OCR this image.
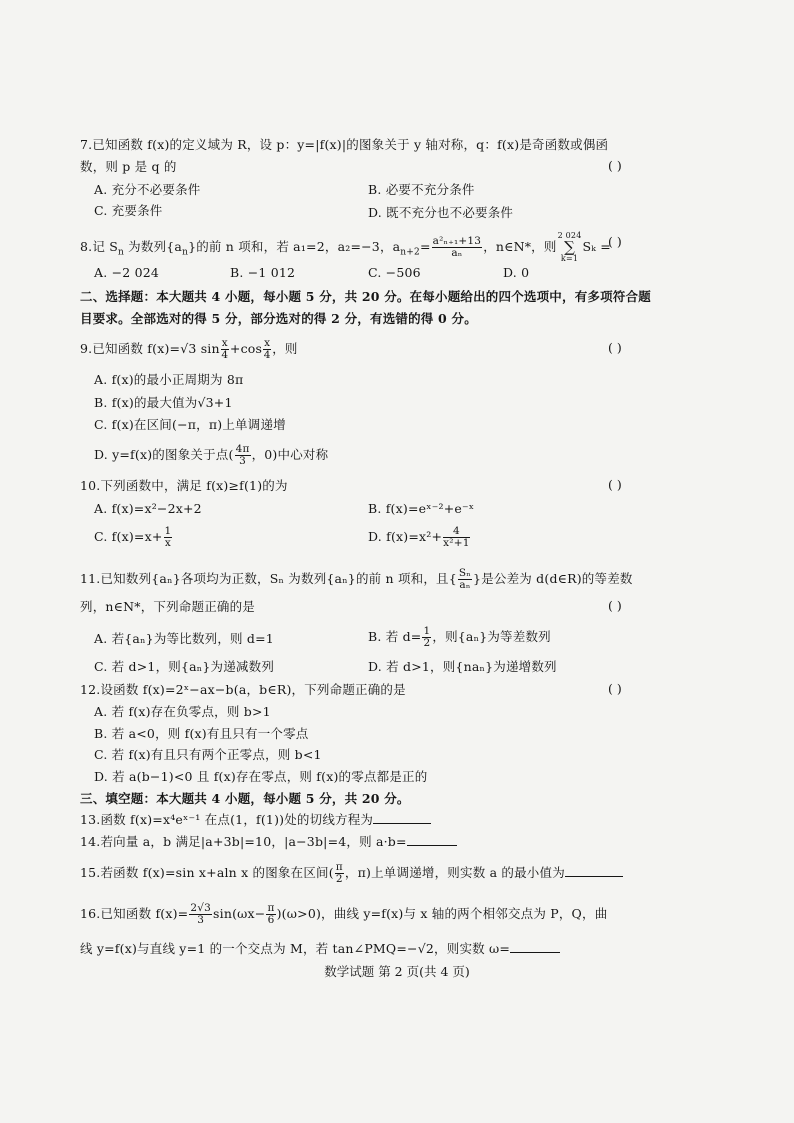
7.已知函数 f(x)的定义域为 R，设 p：y=|f(x)|的图象关于 y 轴对称，q：f(x)是奇函数或偶函
数，则 p 是 q 的	( )
A. 充分不必要条件	B. 必要不充分条件
C. 充要条件	D. 既不充分也不必要条件
8.记 $S_n$ 为数列$\{a_n\}$的前 n 项和，若 a₁=2，a₂=−3，$a_{n+2}= \frac{\text{a²ₙ₊₁+13}}{\text{aₙ}}$ ，n∈N*，则
2 024
∑
k=1
Sₖ =
( )
A. −2 024	B. −1 012	C. −506	D. 0
二、选择题：本大题共 4 小题，每小题 5 分，共 20 分。在每小题给出的四个选项中，有多项符合题
目要求。全部选对的得 5 分，部分选对的得 2 分，有选错的得 0 分。
9.已知函数 f(x)=√3 $\sin \frac{x}{4} +\cos \frac{x}{4}$ ，则	( )
A. f(x)的最小正周期为 8π
B. f(x)的最大值为√3+1
C. f(x)在区间(−π，π)上单调递增
D. y=f(x)的图象关于点( $\frac{4\pi}{3}$ ，0)中心对称
10.下列函数中，满足 f(x)≥f(1)的为	( )
A. f(x)=x²−2x+2	B. f(x)=eˣ⁻²+e⁻ˣ
C. $f(x)=x+ \frac{1}{x}$	D. $f(x)=x^2+ \frac{4}{\text{x²+1}}$
11.已知数列{aₙ}各项均为正数，Sₙ 为数列{aₙ}的前 n 项和，且{ $\frac{\text{Sₙ}}{\text{aₙ}}$ }是公差为 d(d∈R)的等差数
列，n∈N*，下列命题正确的是	( )
A. 若{aₙ}为等比数列，则 d=1	B. 若 $d= \frac{1}{2}$ ，则{aₙ}为等差数列
C. 若 d>1，则{aₙ}为递减数列	D. 若 d>1，则{naₙ}为递增数列
12.设函数 f(x)=2ˣ−ax−b(a，b∈R)，下列命题正确的是	( )
A. 若 f(x)存在负零点，则 b>1
B. 若 a<0，则 f(x)有且只有一个零点
C. 若 f(x)有且只有两个正零点，则 b<1
D. 若 a(b−1)<0 且 f(x)存在零点，则 f(x)的零点都是正的
三、填空题：本大题共 4 小题，每小题 5 分，共 20 分。
13.函数 f(x)=x⁴eˣ⁻¹ 在点(1，f(1))处的切线方程为
14.若向量 a，b 满足|a+3b|=10，|a−3b|=4，则 a·b=
15.若函数 f(x)=sin x+aln x 的图象在区间( $\frac{\pi}{2}$ ，π)上单调递增，则实数 a 的最小值为
16.已知函数 $f(x)= \frac{2√3}{3} \sin(\omega x- \frac{\pi}{6} )(\omega>0)$，曲线 y=f(x)与 x 轴的两个相邻交点为 P，Q，曲
线 y=f(x)与直线 y=1 的一个交点为 M，若 tan∠PMQ=−√2，则实数 ω=
数学试题 第 2 页(共 4 页)
